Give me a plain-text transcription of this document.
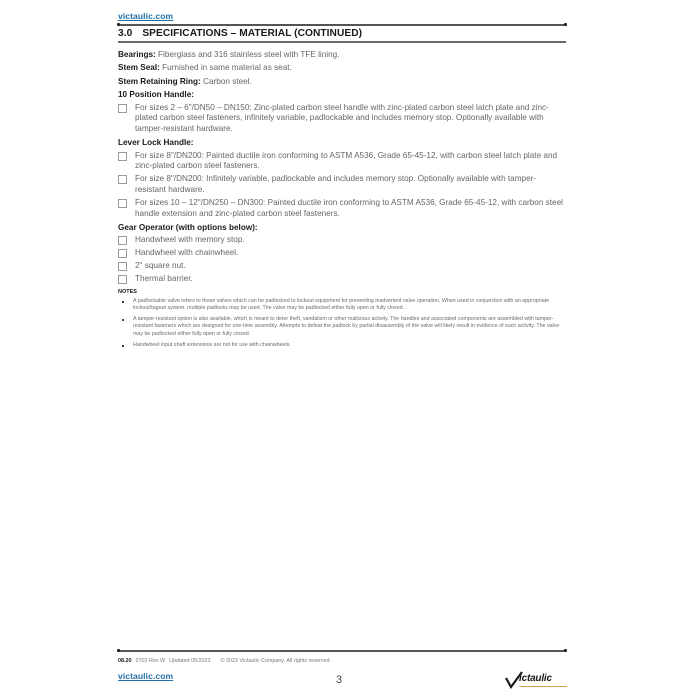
victaulic.com
3.0 SPECIFICATIONS – MATERIAL (CONTINUED)

Bearings: Fiberglass and 316 stainless steel with TFE lining.

Stem Seal: Furnished in same material as seat.

Stem Retaining Ring: Carbon steel.

10 Position Handle:

For sizes 2 – 6"/DN50 – DN150: Zinc-plated carbon steel handle with zinc-plated carbon steel latch plate and zinc-plated carbon steel fasteners, infinitely variable, padlockable and includes memory stop. Optionally available with tamper-resistant hardware.

Lever Lock Handle:

For size 8"/DN200: Painted ductile iron conforming to ASTM A536, Grade 65-45-12, with carbon steel latch plate and zinc-plated carbon steel fasteners.
For size 8"/DN200: Infinitely variable, padlockable and includes memory stop. Optionally available with tamper-resistant hardware.
For sizes 10 – 12"/DN250 – DN300: Painted ductile iron conforming to ASTM A536, Grade 65-45-12, with carbon steel handle extension and zinc-plated carbon steel fasteners.

Gear Operator (with options below):

Handwheel with memory stop.
Handwheel with chainwheel.
2" square nut.
Thermal barrier.

NOTES

A padlockable valve refers to those valves which can be padlocked to lockout equipment for preventing inadvertent valve operation. When used in conjunction with an appropriate lockout/tagout system, multiple padlocks may be used. The valve may be padlocked either fully open or fully closed.
A tamper-resistant option is also available, which is meant to deter theft, vandalism or other malicious activity. The handles and associated components are assembled with tamper-resistant fasteners which are designed for one-time assembly. Attempts to defeat the padlock by partial disassembly of the valve will likely result in evidence of such activity. The valve may be padlocked either fully open or fully closed.
Handwheel input shaft extensions are not for use with chainwheels.
08.20 2702 Rev W Updated 05/2023 © 2023 Victaulic Company. All rights reserved.
victaulic.com	3	ictaulic
